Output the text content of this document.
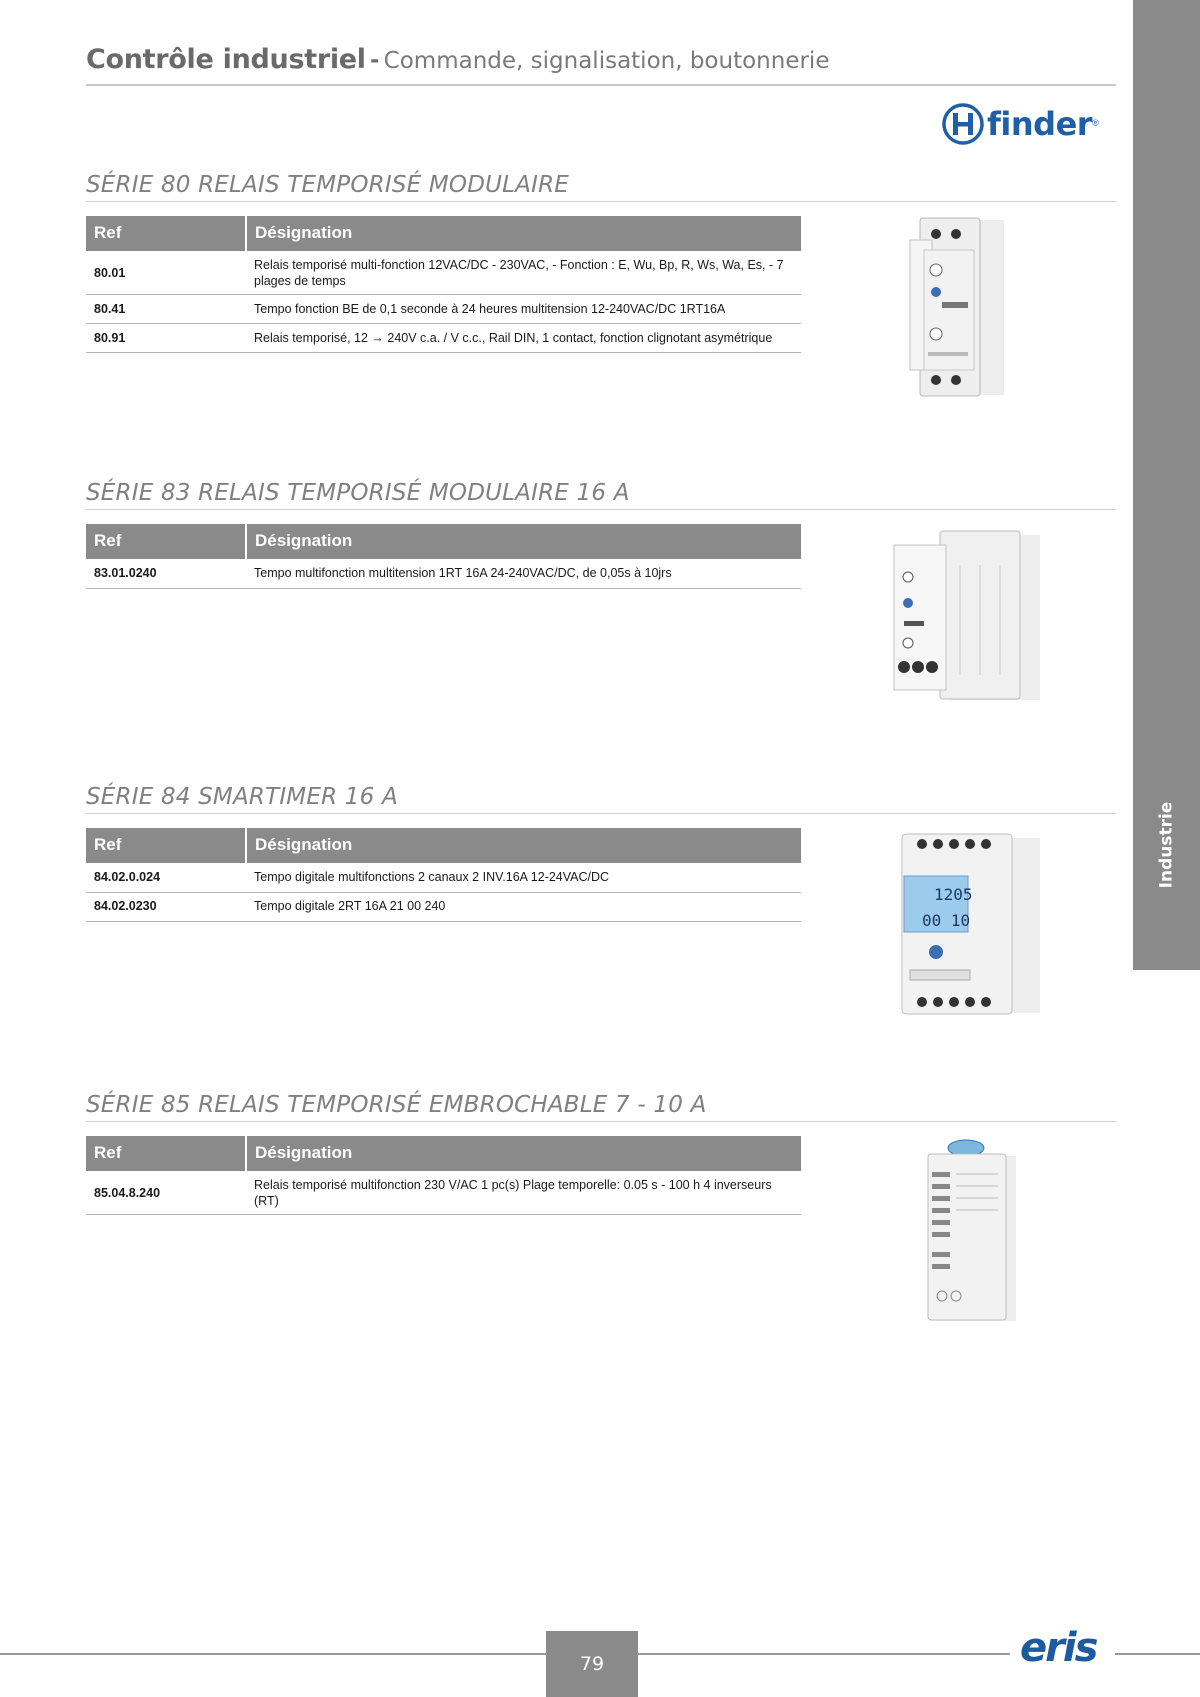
Contrôle industriel - Commande, signalisation, boutonnerie
finder ®
Industrie
SÉRIE 80 RELAIS TEMPORISÉ MODULAIRE
Ref	Désignation
80.01	Relais temporisé multi-fonction 12VAC/DC - 230VAC, - Fonction : E, Wu, Bp, R, Ws, Wa, Es, - 7 plages de temps
80.41	Tempo fonction BE de 0,1 seconde à 24 heures multitension 12-240VAC/DC 1RT16A
80.91	Relais temporisé, 12 → 240V c.a. / V c.c., Rail DIN, 1 contact, fonction clignotant asymétrique
SÉRIE 83 RELAIS TEMPORISÉ MODULAIRE 16 A
Ref	Désignation
83.01.0240	Tempo multifonction multitension 1RT 16A 24-240VAC/DC, de 0,05s à 10jrs
SÉRIE 84 SMARTIMER 16 A
Ref	Désignation
84.02.0.024	Tempo digitale multifonctions 2 canaux 2 INV.16A 12-24VAC/DC
84.02.0230	Tempo digitale 2RT 16A 21 00 240
1205
00 10
SÉRIE 85 RELAIS TEMPORISÉ EMBROCHABLE 7 - 10 A
Ref	Désignation
85.04.8.240	Relais temporisé multifonction 230 V/AC 1 pc(s) Plage temporelle: 0.05 s - 100 h 4 inverseurs (RT)
79	eris
